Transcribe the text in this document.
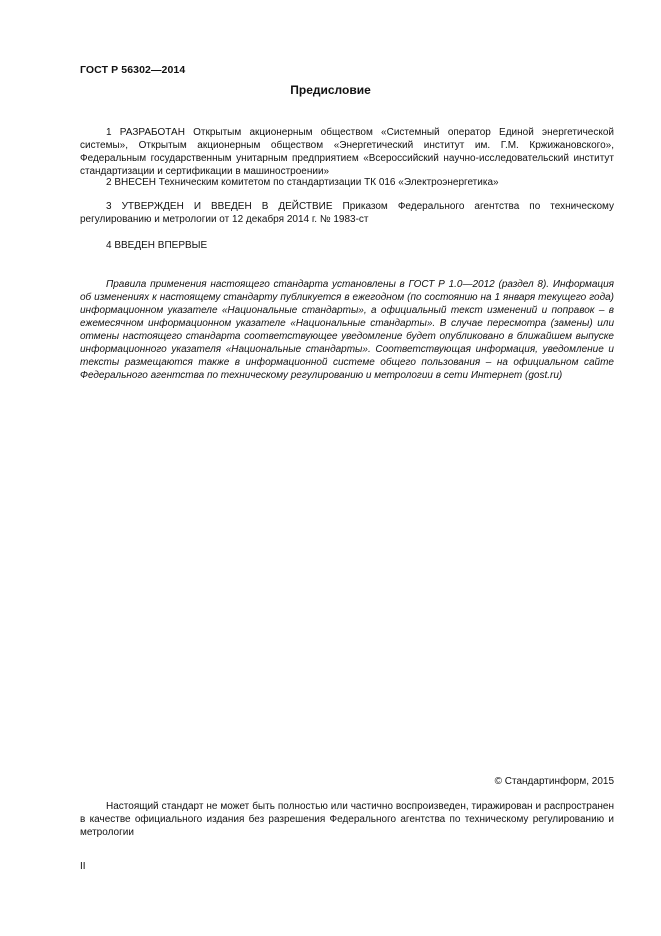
ГОСТ Р 56302—2014
Предисловие

1 РАЗРАБОТАН Открытым акционерным обществом «Системный оператор Единой энергетической системы», Открытым акционерным обществом «Энергетический институт им. Г.М. Кржижановского», Федеральным государственным унитарным предприятием «Всероссийский научно-исследовательский институт стандартизации и сертификации в машиностроении»

2 ВНЕСЕН Техническим комитетом по стандартизации ТК 016 «Электроэнергетика»

3 УТВЕРЖДЕН И ВВЕДЕН В ДЕЙСТВИЕ Приказом Федерального агентства по техническому регулированию и метрологии от 12 декабря 2014 г. № 1983-ст

4 ВВЕДЕН ВПЕРВЫЕ

Правила применения настоящего стандарта установлены в ГОСТ Р 1.0—2012 (раздел 8). Информация об изменениях к настоящему стандарту публикуется в ежегодном (по состоянию на 1 января текущего года) информационном указателе «Национальные стандарты», а официальный текст изменений и поправок – в ежемесячном информационном указателе «Национальные стандарты». В случае пересмотра (замены) или отмены настоящего стандарта соответствующее уведомление будет опубликовано в ближайшем выпуске информационного указателя «Национальные стандарты». Соответствующая информация, уведомление и тексты размещаются также в информационной системе общего пользования – на официальном сайте Федерального агентства по техническому регулированию и метрологии в сети Интернет (gost.ru)

© Стандартинформ, 2015

Настоящий стандарт не может быть полностью или частично воспроизведен, тиражирован и распространен в качестве официального издания без разрешения Федерального агентства по техническому регулированию и метрологии

II
